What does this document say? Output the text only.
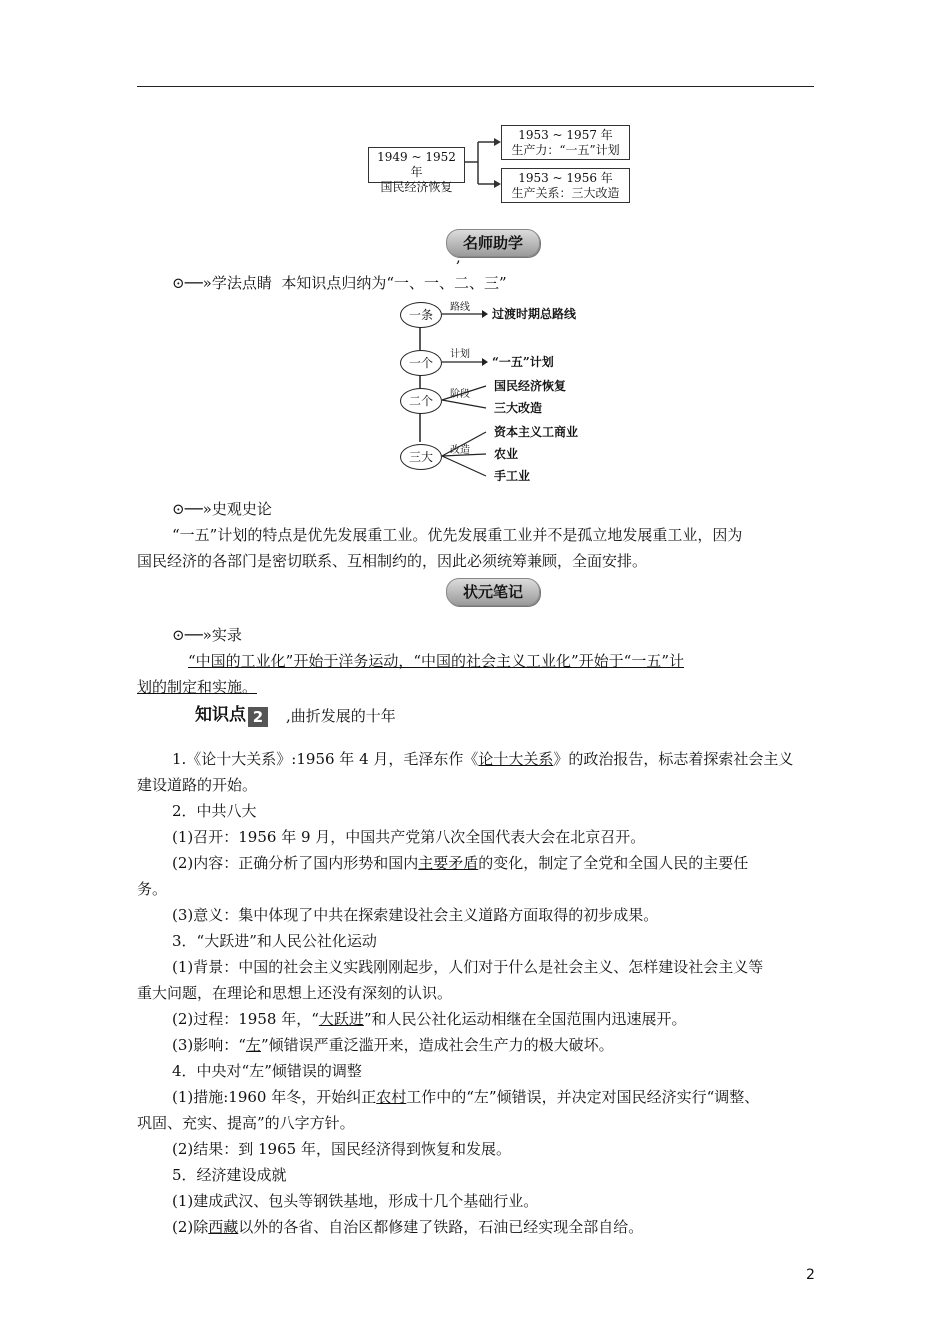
1949 ~ 1952 年
国民经济恢复
1953 ~ 1957 年
生产力：“一五”计划
1953 ~ 1956 年
生产关系：三大改造
名师助学
,
⊙──»学法点睛 本知识点归纳为“一、一、二、三”
一条
一个
二个
三大
路线
计划
阶段
改造
过渡时期总路线
“一五”计划
国民经济恢复
三大改造
资本主义工商业
农业
手工业
⊙──»史观史论
“一五”计划的特点是优先发展重工业。优先发展重工业并不是孤立地发展重工业，因为
国民经济的各部门是密切联系、互相制约的，因此必须统筹兼顾，全面安排。
状元笔记
⊙──»实录
“中国的工业化”开始于洋务运动，“中国的社会主义工业化”开始于“一五”计
划的制定和实施。
知识点 2	,曲折发展的十年
1.《论十大关系》:1956 年 4 月，毛泽东作《论十大关系》的政治报告，标志着探索社会主义
建设道路的开始。
2．中共八大
(1)召开：1956 年 9 月，中国共产党第八次全国代表大会在北京召开。
(2)内容：正确分析了国内形势和国内主要矛盾的变化，制定了全党和全国人民的主要任
务。
(3)意义：集中体现了中共在探索建设社会主义道路方面取得的初步成果。
3．“大跃进”和人民公社化运动
(1)背景：中国的社会主义实践刚刚起步，人们对于什么是社会主义、怎样建设社会主义等
重大问题，在理论和思想上还没有深刻的认识。
(2)过程：1958 年，“大跃进”和人民公社化运动相继在全国范围内迅速展开。
(3)影响：“左”倾错误严重泛滥开来，造成社会生产力的极大破坏。
4．中央对“左”倾错误的调整
(1)措施:1960 年冬，开始纠正农村工作中的“左”倾错误，并决定对国民经济实行“调整、
巩固、充实、提高”的八字方针。
(2)结果：到 1965 年，国民经济得到恢复和发展。
5．经济建设成就
(1)建成武汉、包头等钢铁基地，形成十几个基础行业。
(2)除西藏以外的各省、自治区都修建了铁路，石油已经实现全部自给。
2
